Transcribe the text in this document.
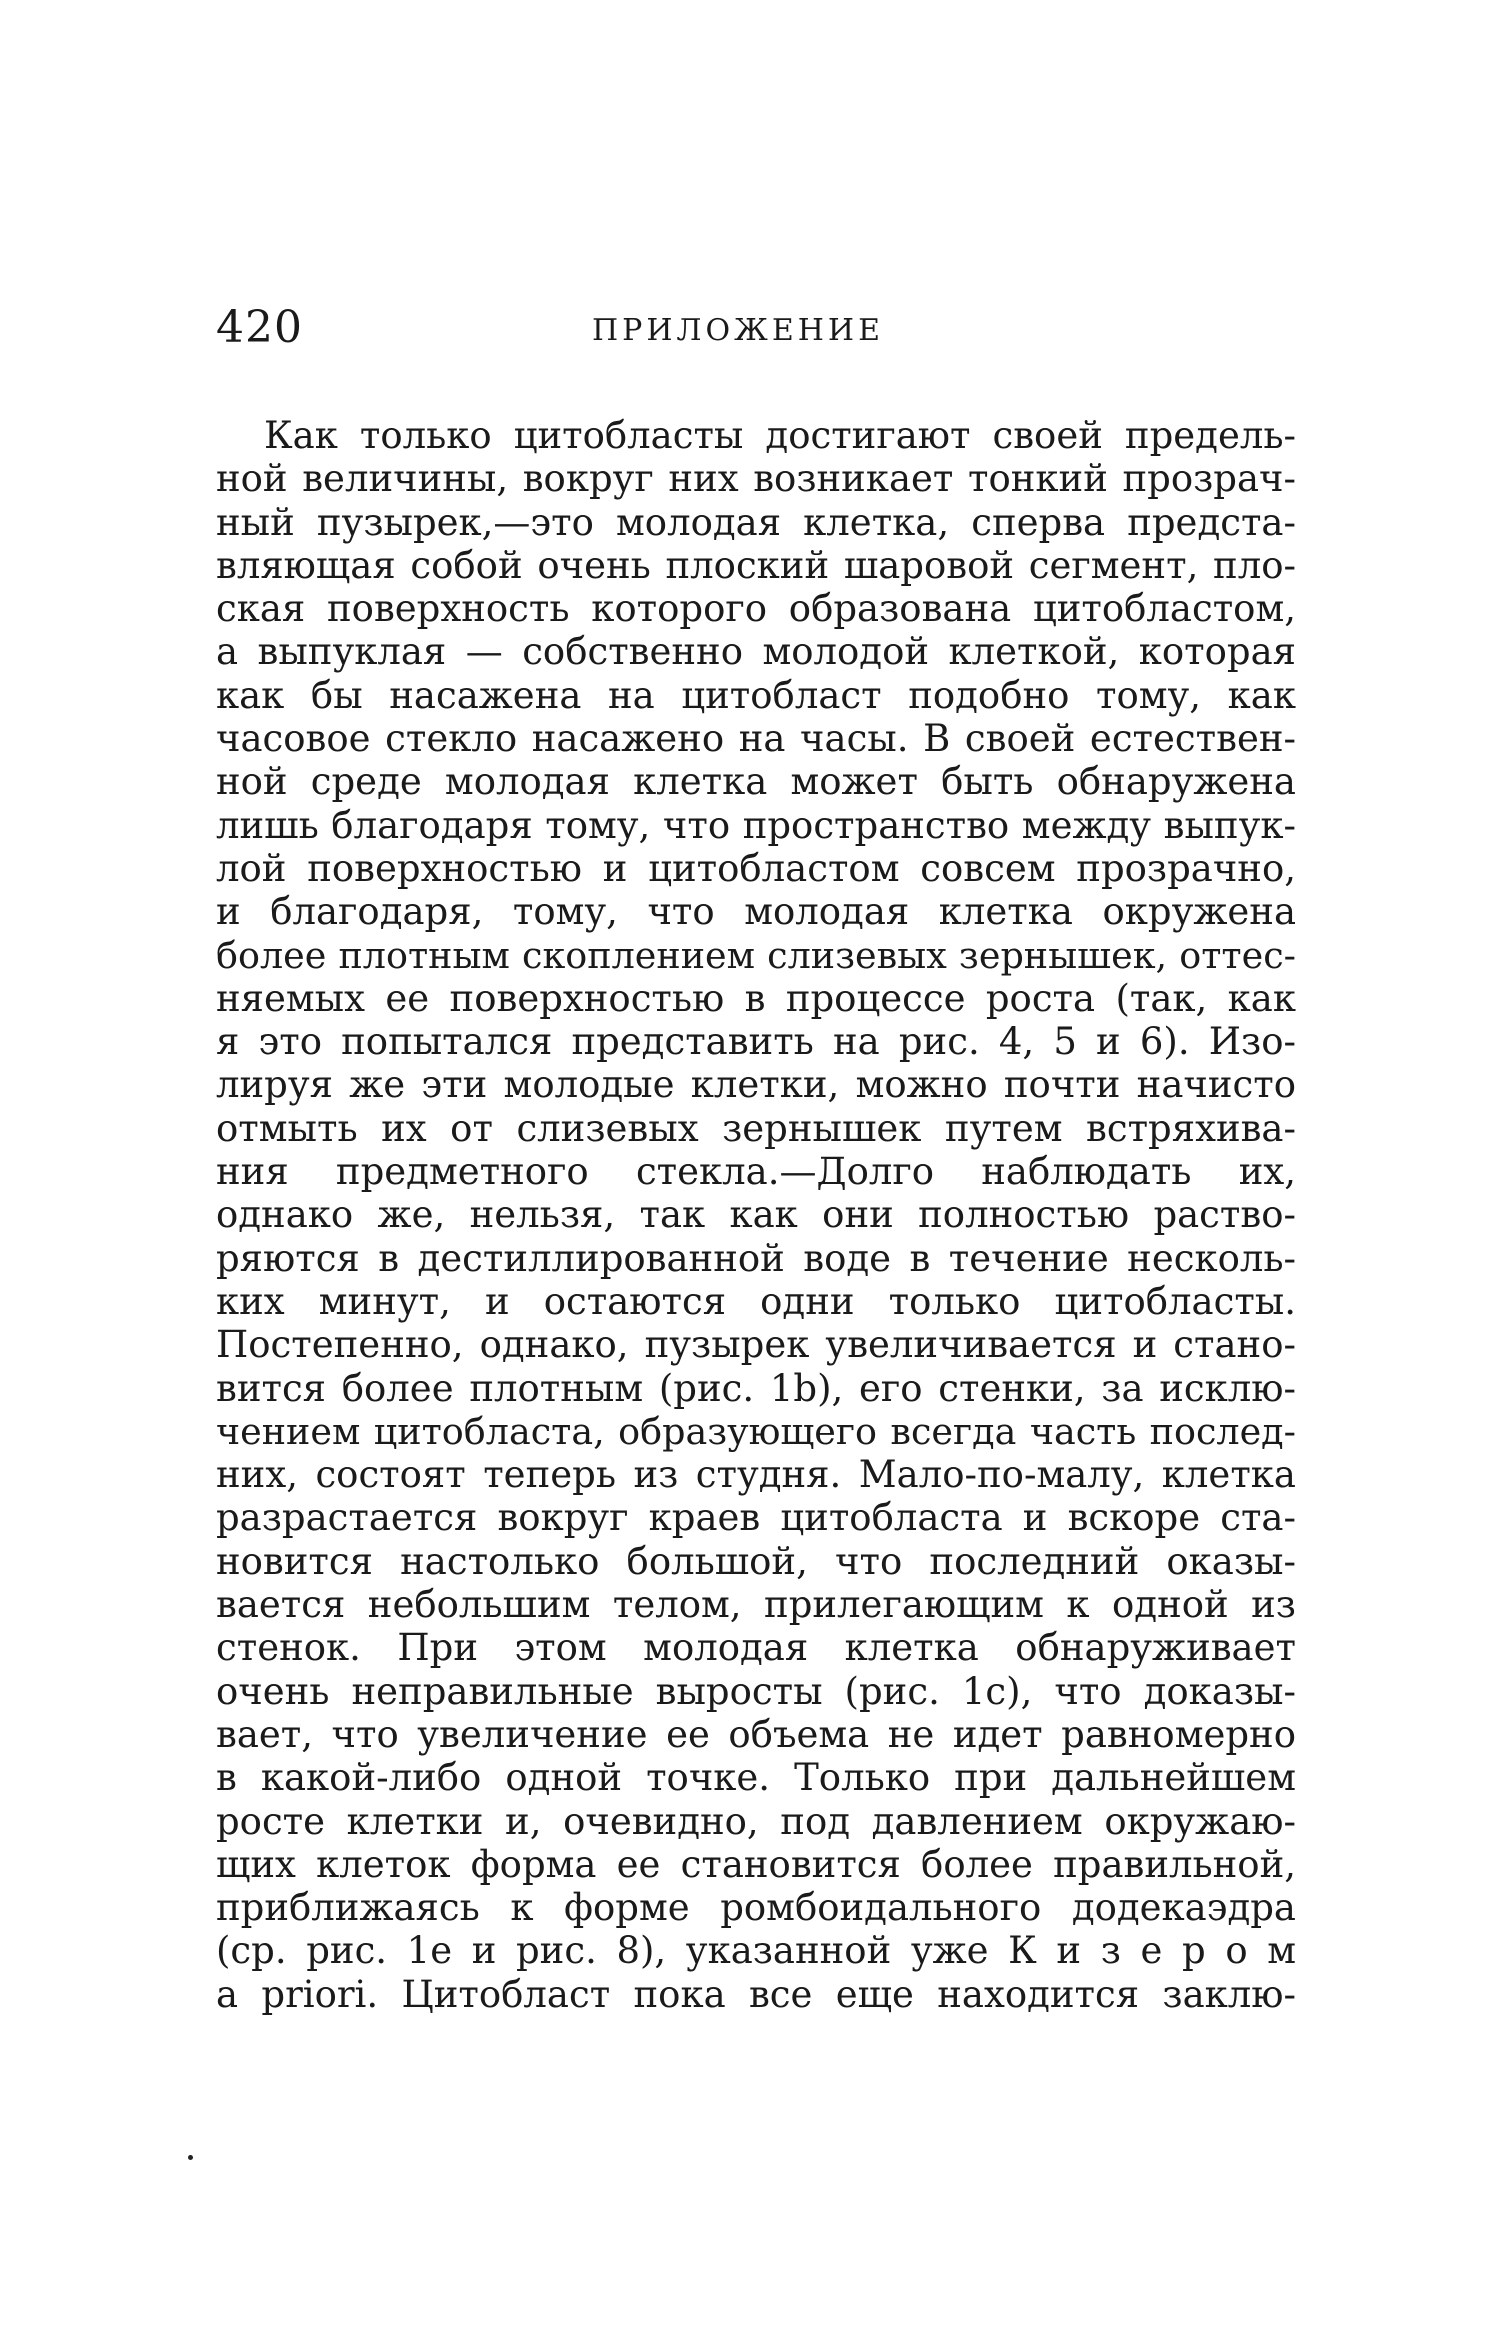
420	ПРИЛОЖЕНИЕ
Как только цитобласты достигают своей предель-
ной величины, вокруг них возникает тонкий прозрач-
ный пузырек,—это молодая клетка, сперва предста-
вляющая собой очень плоский шаровой сегмент, пло-
ская поверхность которого образована цитобластом,
а выпуклая — собственно молодой клеткой, которая
как бы насажена на цитобласт подобно тому, как
часовое стекло насажено на часы. В своей естествен-
ной среде молодая клетка может быть обнаружена
лишь благодаря тому, что пространство между выпук-
лой поверхностью и цитобластом совсем прозрачно,
и благодаря, тому, что молодая клетка окружена
более плотным скоплением слизевых зернышек, оттес-
няемых ее поверхностью в процессе роста (так, как
я это попытался представить на рис. 4, 5 и 6). Изо-
лируя же эти молодые клетки, можно почти начисто
отмыть их от слизевых зернышек путем встряхива-
ния предметного стекла.—Долго наблюдать их,
однако же, нельзя, так как они полностью раство-
ряются в дестиллированной воде в течение несколь-
ких минут, и остаются одни только цитобласты.
Постепенно, однако, пузырек увеличивается и стано-
вится более плотным (рис. 1b), его стенки, за исклю-
чением цитобласта, образующего всегда часть послед-
них, состоят теперь из студня. Мало-по-малу, клетка
разрастается вокруг краев цитобласта и вскоре ста-
новится настолько большой, что последний оказы-
вается небольшим телом, прилегающим к одной из
стенок. При этом молодая клетка обнаруживает
очень неправильные выросты (рис. 1c), что доказы-
вает, что увеличение ее объема не идет равномерно
в какой-либо одной точке. Только при дальнейшем
росте клетки и, очевидно, под давлением окружаю-
щих клеток форма ее становится более правильной,
приближаясь к форме ромбоидального додекаэдра
(ср. рис. 1e и рис. 8), указанной уже К и з е р о м
a priori. Цитобласт пока все еще находится заклю-
